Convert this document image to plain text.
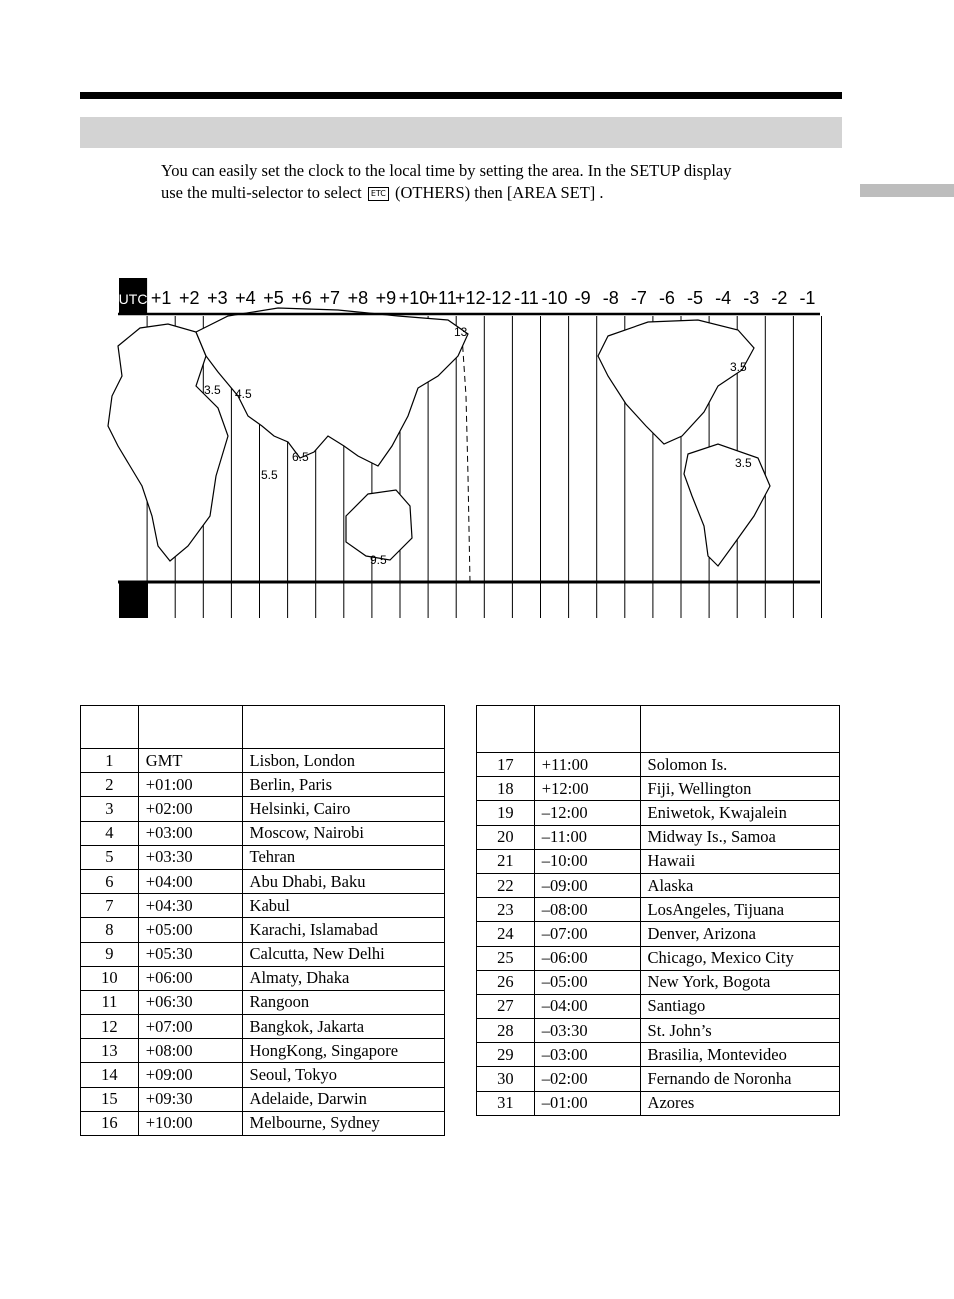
You can easily set the clock to the local time by setting the area. In the SETUP display
use the multi-selector to select ETC (OTHERS) then [AREA SET] .
UTC +1 +2 +3 +4 +5 +6 +7 +8 +9 +10
+11
+12 -12 -11 -10 -9 -8 -7 -6 -5 -4 -3 -2 -1
13
3.5 4.5
5.5
6.5
9.5
3.5
3.5

1	GMT	Lisbon, London
2	+01:00	Berlin, Paris
3	+02:00	Helsinki, Cairo
4	+03:00	Moscow, Nairobi
5	+03:30	Tehran
6	+04:00	Abu Dhabi, Baku
7	+04:30	Kabul
8	+05:00	Karachi, Islamabad
9	+05:30	Calcutta, New Delhi
10	+06:00	Almaty, Dhaka
11	+06:30	Rangoon
12	+07:00	Bangkok, Jakarta
13	+08:00	HongKong, Singapore
14	+09:00	Seoul, Tokyo
15	+09:30	Adelaide, Darwin
16	+10:00	Melbourne, Sydney

17	+11:00	Solomon Is.
18	+12:00	Fiji, Wellington
19	–12:00	Eniwetok, Kwajalein
20	–11:00	Midway Is., Samoa
21	–10:00	Hawaii
22	–09:00	Alaska
23	–08:00	LosAngeles, Tijuana
24	–07:00	Denver, Arizona
25	–06:00	Chicago, Mexico City
26	–05:00	New York, Bogota
27	–04:00	Santiago
28	–03:30	St. John’s
29	–03:00	Brasilia, Montevideo
30	–02:00	Fernando de Noronha
31	–01:00	Azores
